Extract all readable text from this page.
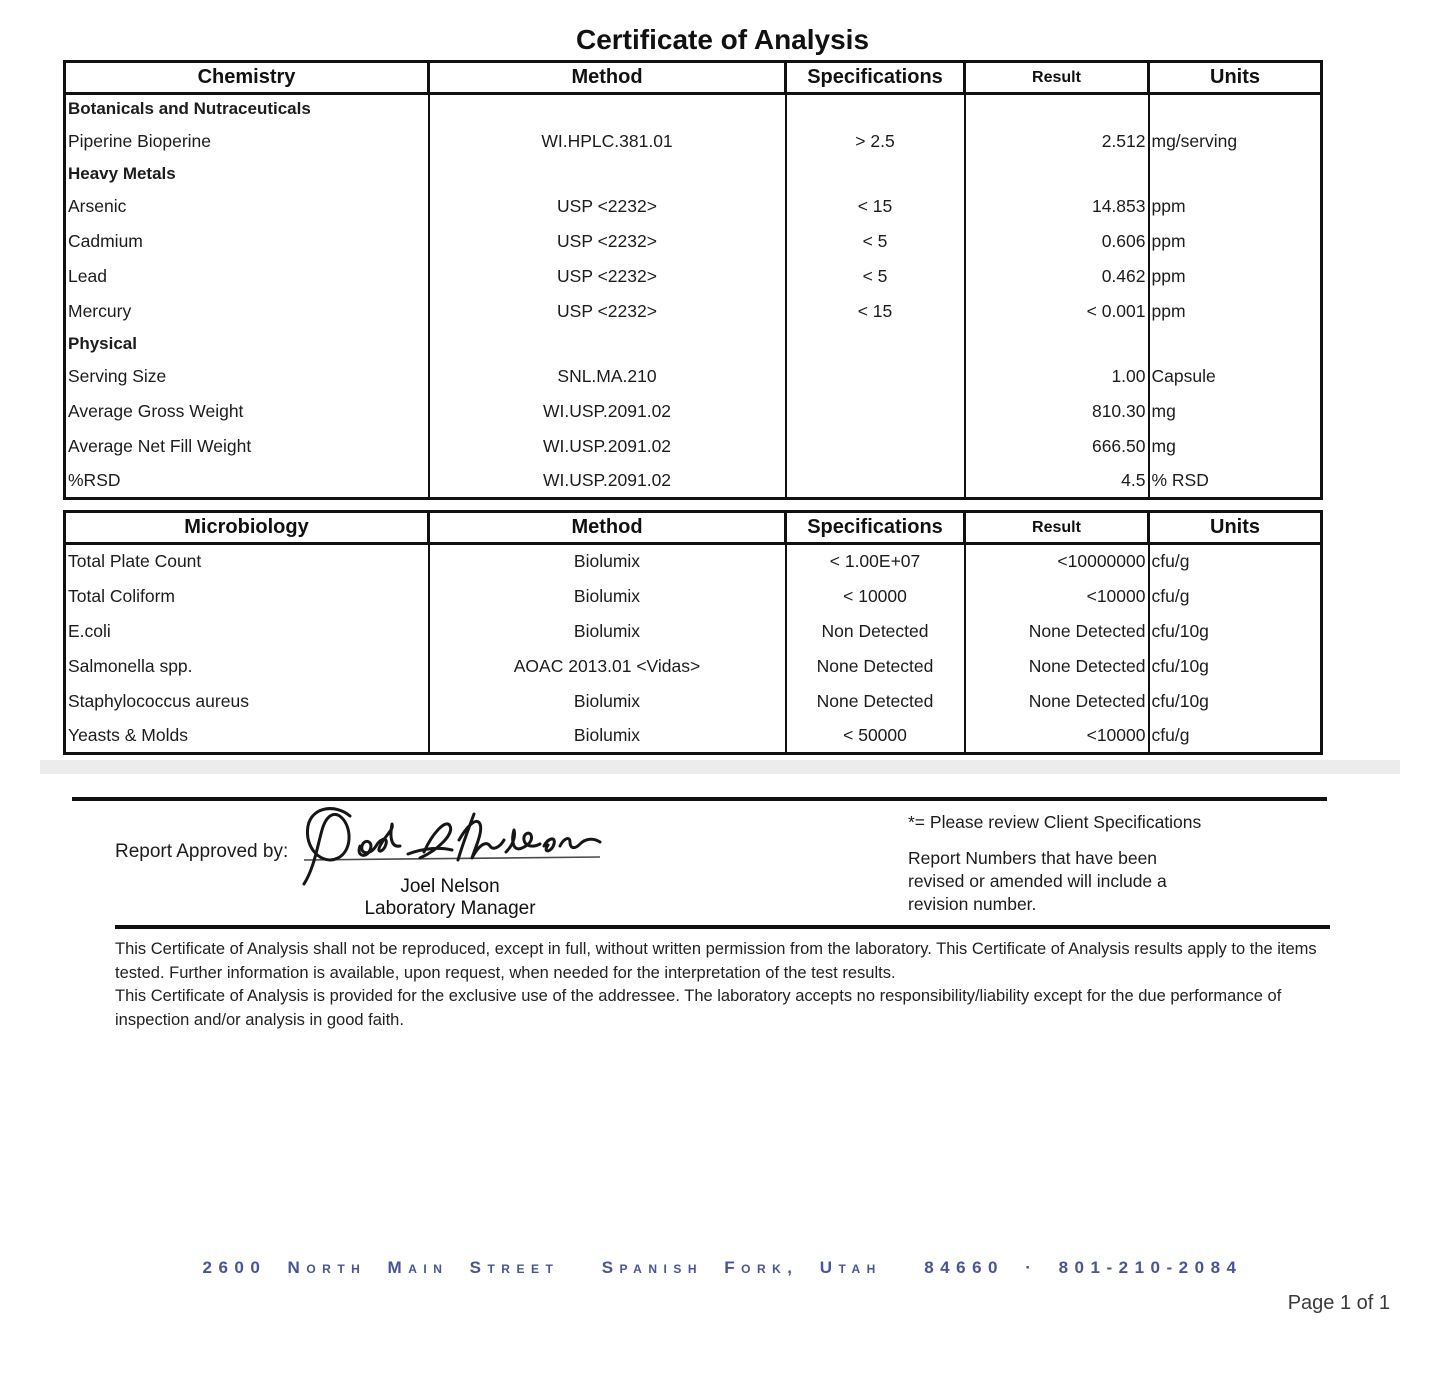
Certificate of Analysis
Chemistry	Method	Specifications	Result	Units
Botanicals and Nutraceuticals				
Piperine Bioperine	WI.HPLC.381.01	> 2.5	2.512	mg/serving
Heavy Metals				
Arsenic	USP <2232>	< 15	14.853	ppm
Cadmium	USP <2232>	< 5	0.606	ppm
Lead	USP <2232>	< 5	0.462	ppm
Mercury	USP <2232>	< 15	< 0.001	ppm
Physical				
Serving Size	SNL.MA.210		1.00	Capsule
Average Gross Weight	WI.USP.2091.02		810.30	mg
Average Net Fill Weight	WI.USP.2091.02		666.50	mg
%RSD	WI.USP.2091.02		4.5	% RSD
Microbiology	Method	Specifications	Result	Units
Total Plate Count	Biolumix	< 1.00E+07	<10000000	cfu/g
Total Coliform	Biolumix	< 10000	<10000	cfu/g
E.coli	Biolumix	Non Detected	None Detected	cfu/10g
Salmonella spp.	AOAC 2013.01 <Vidas>	None Detected	None Detected	cfu/10g
Staphylococcus aureus	Biolumix	None Detected	None Detected	cfu/10g
Yeasts & Molds	Biolumix	< 50000	<10000	cfu/g
Report Approved by:
Joel Nelson
Laboratory Manager
*= Please review Client Specifications
Report Numbers that have been revised or amended will include a revision number.

This Certificate of Analysis shall not be reproduced, except in full, without written permission from the laboratory. This Certificate of Analysis results apply to the items tested. Further information is available, upon request, when needed for the interpretation of the test results.

This Certificate of Analysis is provided for the exclusive use of the addressee. The laboratory accepts no responsibility/liability except for the due performance of inspection and/or analysis in good faith.

2600 North Main Street  Spanish Fork, Utah  84660 · 801-210-2084
Page 1 of 1
